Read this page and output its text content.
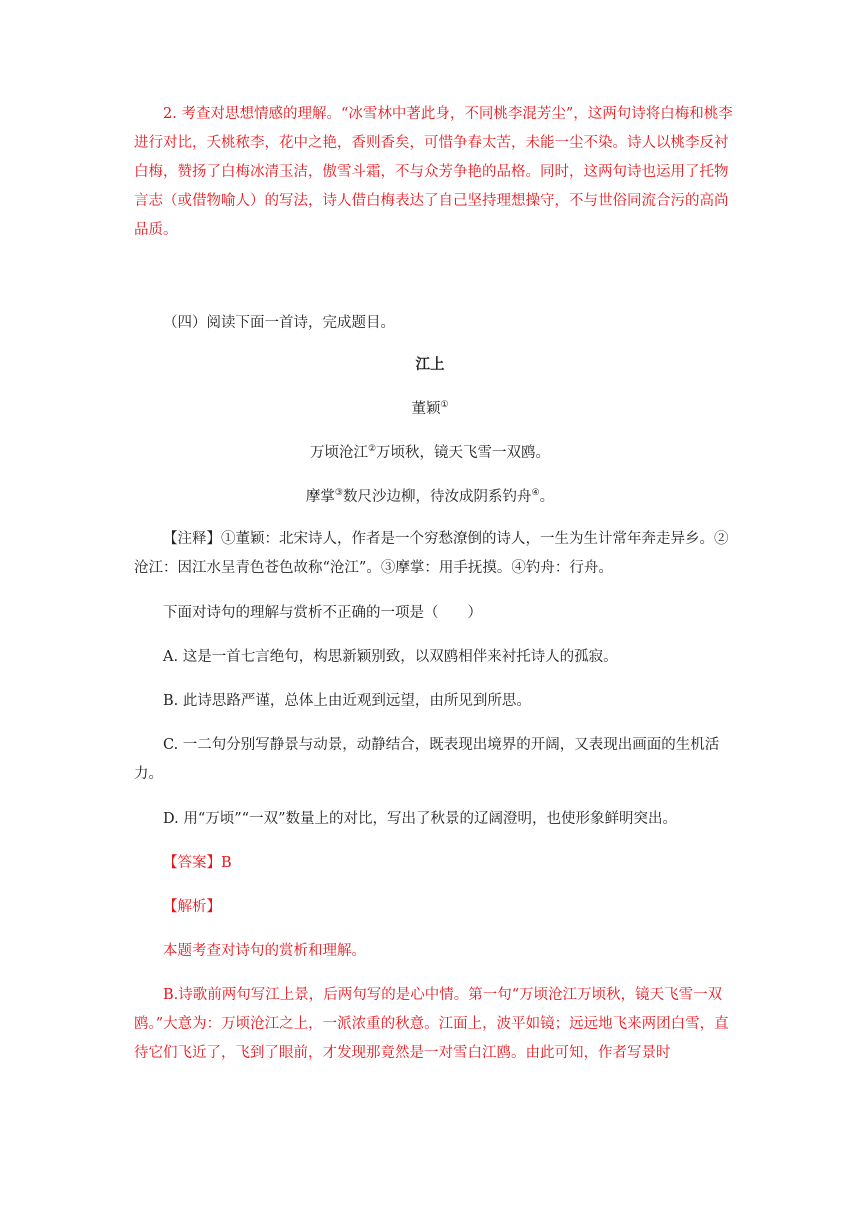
2. 考查对思想情感的理解。“冰雪林中著此身，不同桃李混芳尘”，这两句诗将白梅和桃李进行对比，夭桃秾李，花中之艳，香则香矣，可惜争春太苦，未能一尘不染。诗人以桃李反衬白梅，赞扬了白梅冰清玉洁，傲雪斗霜，不与众芳争艳的品格。同时，这两句诗也运用了托物言志（或借物喻人）的写法，诗人借白梅表达了自己坚持理想操守，不与世俗同流合污的高尚品质。

（四）阅读下面一首诗，完成题目。

江上

董颖①

万顷沧江②万顷秋，镜天飞雪一双鸥。

摩掌③数尺沙边柳，待汝成阴系钓舟④。

【注释】①董颖：北宋诗人，作者是一个穷愁潦倒的诗人，一生为生计常年奔走异乡。②沧江：因江水呈青色苍色故称“沧江”。③摩掌：用手抚摸。④钓舟：行舟。

下面对诗句的理解与赏析不正确的一项是（　　）

A. 这是一首七言绝句，构思新颖别致，以双鸥相伴来衬托诗人的孤寂。

B. 此诗思路严谨，总体上由近观到远望，由所见到所思。

C. 一二句分别写静景与动景，动静结合，既表现出境界的开阔，又表现出画面的生机活力。

D. 用“万顷”“一双”数量上的对比，写出了秋景的辽阔澄明，也使形象鲜明突出。

【答案】B

【解析】

本题考查对诗句的赏析和理解。

B.诗歌前两句写江上景，后两句写的是心中情。第一句“万顷沧江万顷秋，镜天飞雪一双鸥。”大意为：万顷沧江之上，一派浓重的秋意。江面上，波平如镜；远远地飞来两团白雪，直待它们飞近了，飞到了眼前，才发现那竟然是一对雪白江鸥。由此可知，作者写景时
